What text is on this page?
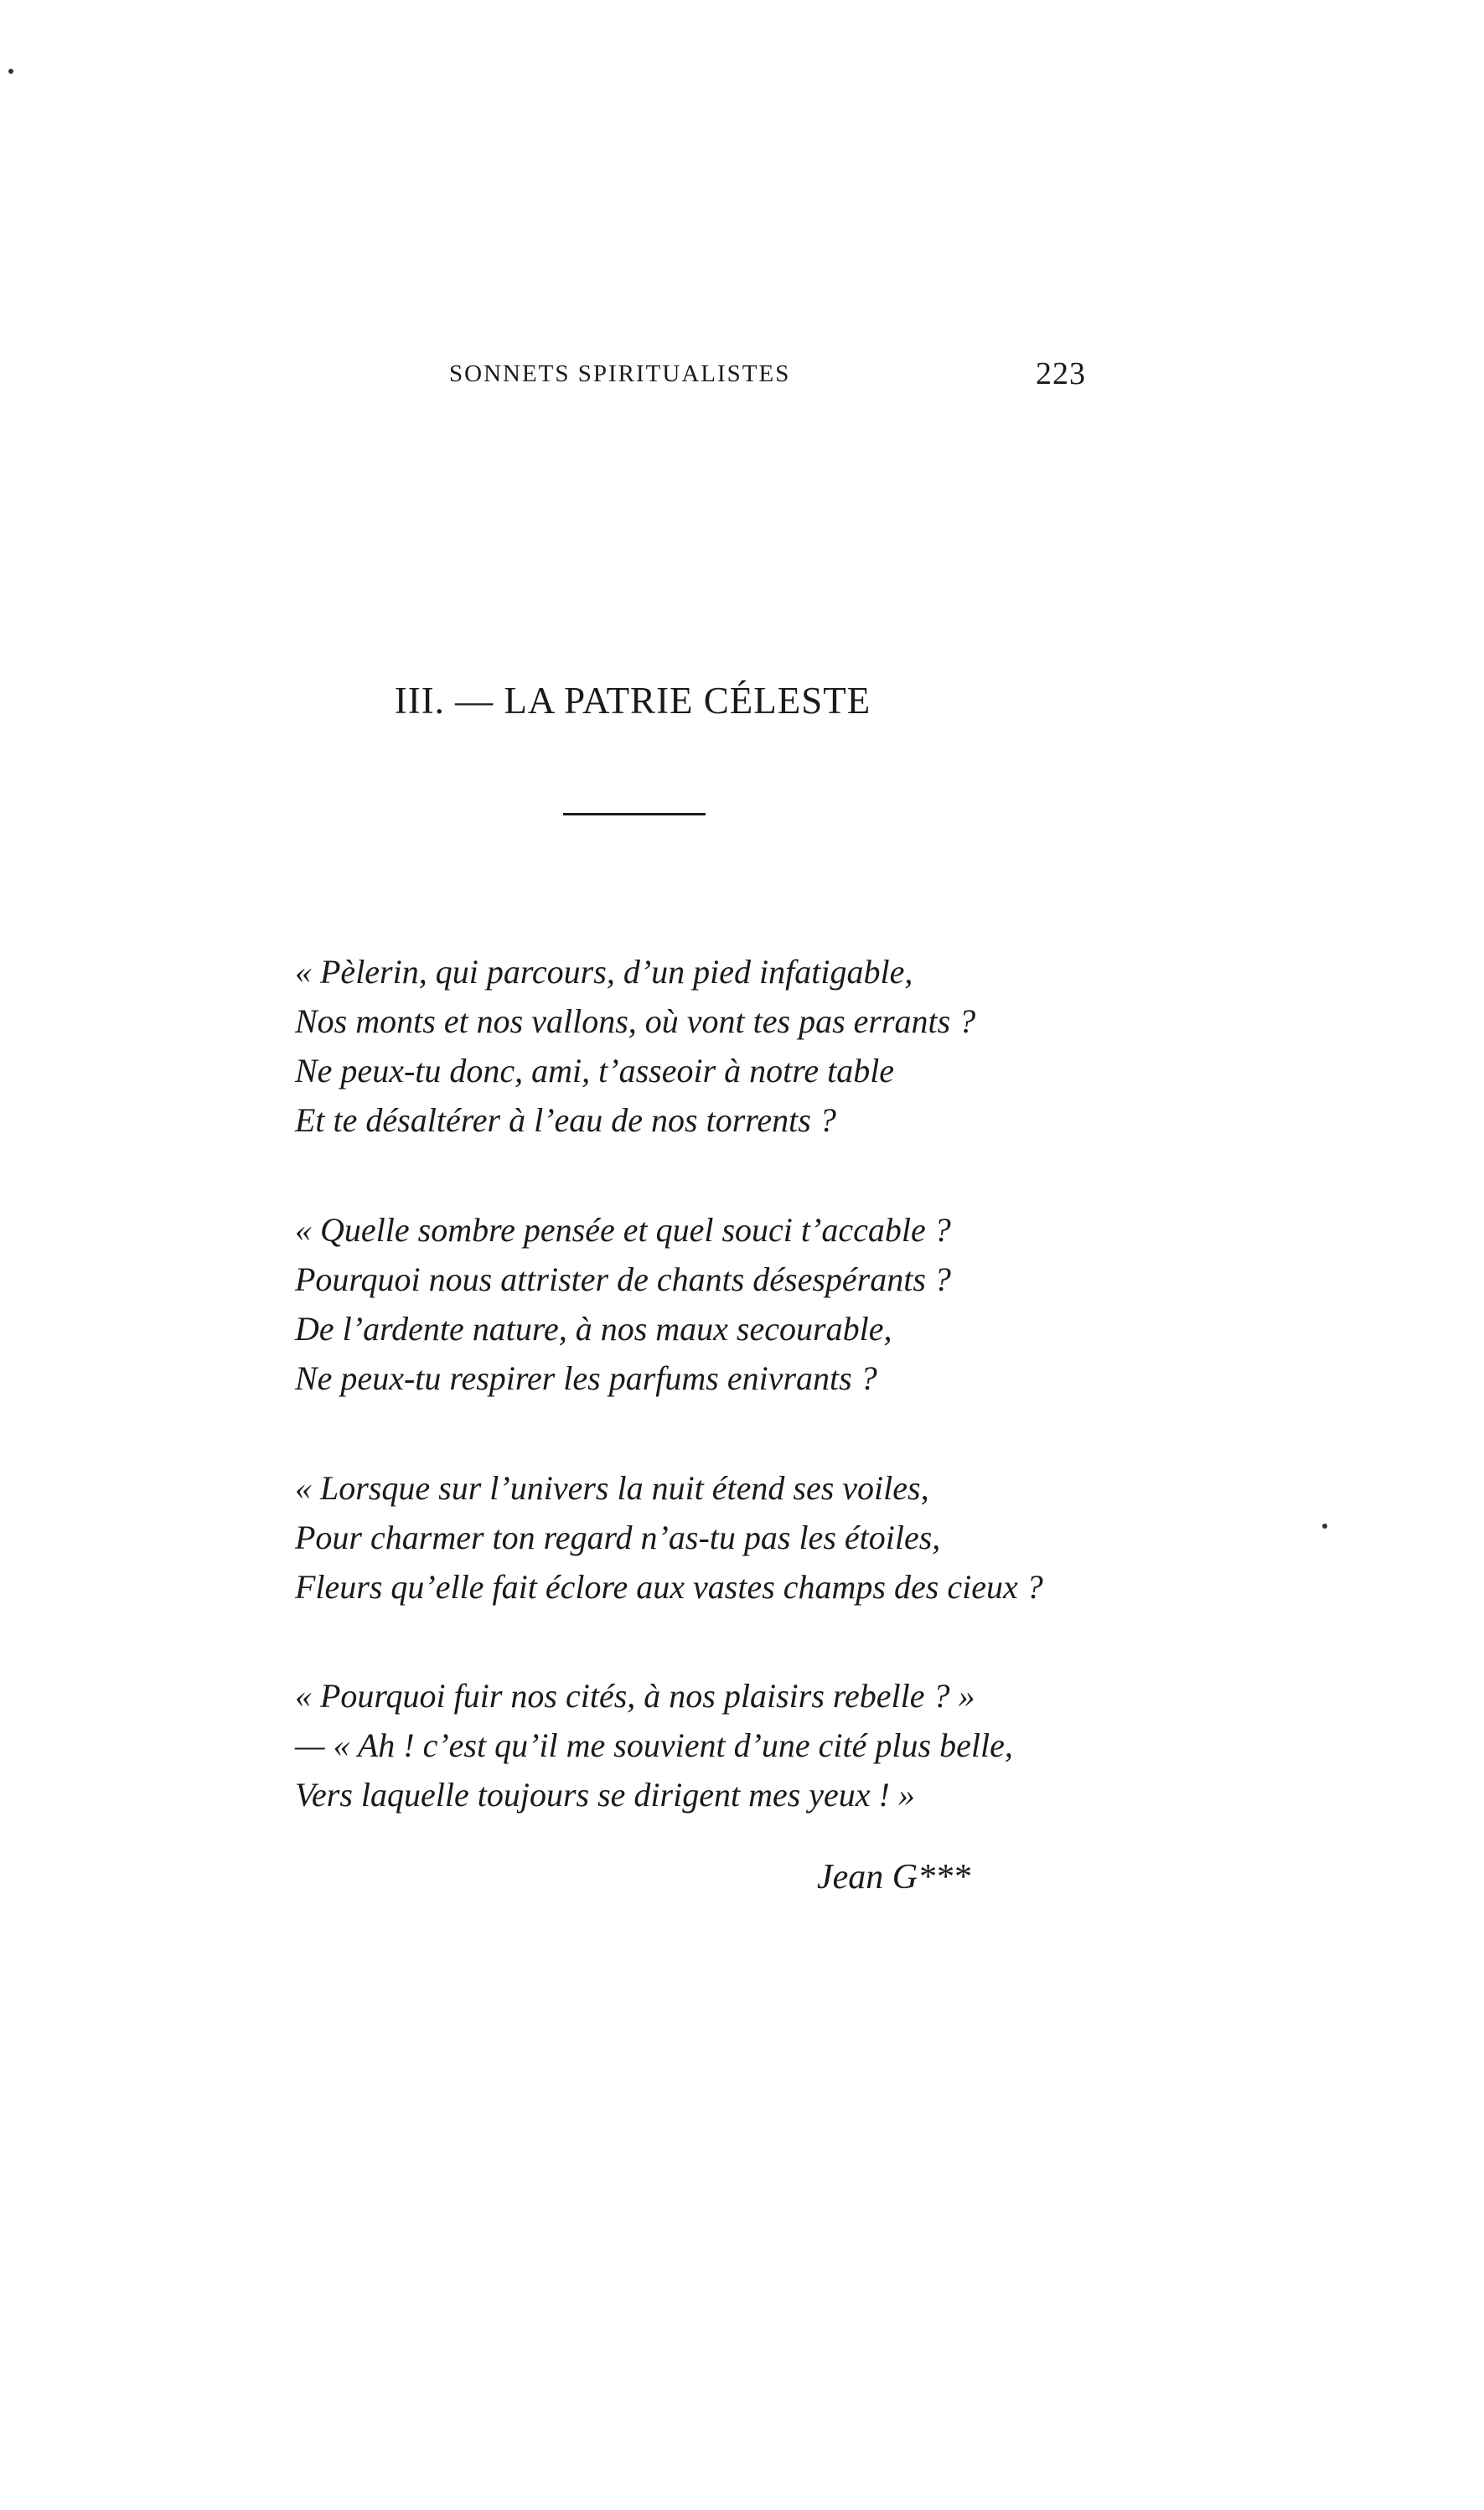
SONNETS SPIRITUALISTES	223
III. — LA PATRIE CÉLESTE
« Pèlerin, qui parcours, d’un pied infatigable,
Nos monts et nos vallons, où vont tes pas errants ?
Ne peux-tu donc, ami, t’asseoir à notre table
Et te désaltérer à l’eau de nos torrents ?
« Quelle sombre pensée et quel souci t’accable ?
Pourquoi nous attrister de chants désespérants ?
De l’ardente nature, à nos maux secourable,
Ne peux-tu respirer les parfums enivrants ?
« Lorsque sur l’univers la nuit étend ses voiles,
Pour charmer ton regard n’as-tu pas les étoiles,
Fleurs qu’elle fait éclore aux vastes champs des cieux ?
« Pourquoi fuir nos cités, à nos plaisirs rebelle ? »
— « Ah ! c’est qu’il me souvient d’une cité plus belle,
Vers laquelle toujours se dirigent mes yeux ! »
Jean G***
